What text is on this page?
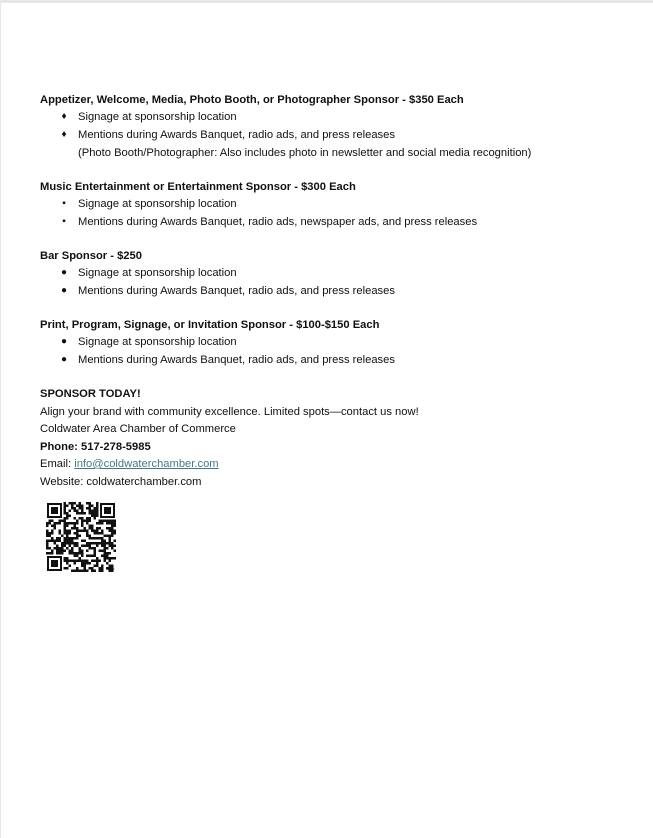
Appetizer, Welcome, Media, Photo Booth, or Photographer Sponsor - $350 Each
♦ Signage at sponsorship location
♦ Mentions during Awards Banquet, radio ads, and press releases
(Photo Booth/Photographer: Also includes photo in newsletter and social media recognition)
Music Entertainment or Entertainment Sponsor - $300 Each
▪ Signage at sponsorship location
▪ Mentions during Awards Banquet, radio ads, newspaper ads, and press releases
Bar Sponsor - $250
● Signage at sponsorship location
● Mentions during Awards Banquet, radio ads, and press releases
Print, Program, Signage, or Invitation Sponsor - $100-$150 Each
● Signage at sponsorship location
● Mentions during Awards Banquet, radio ads, and press releases
SPONSOR TODAY!
Align your brand with community excellence. Limited spots—contact us now!
Coldwater Area Chamber of Commerce
Phone: 517-278-5985
Email: info@coldwaterchamber.com
Website: coldwaterchamber.com
bitly
